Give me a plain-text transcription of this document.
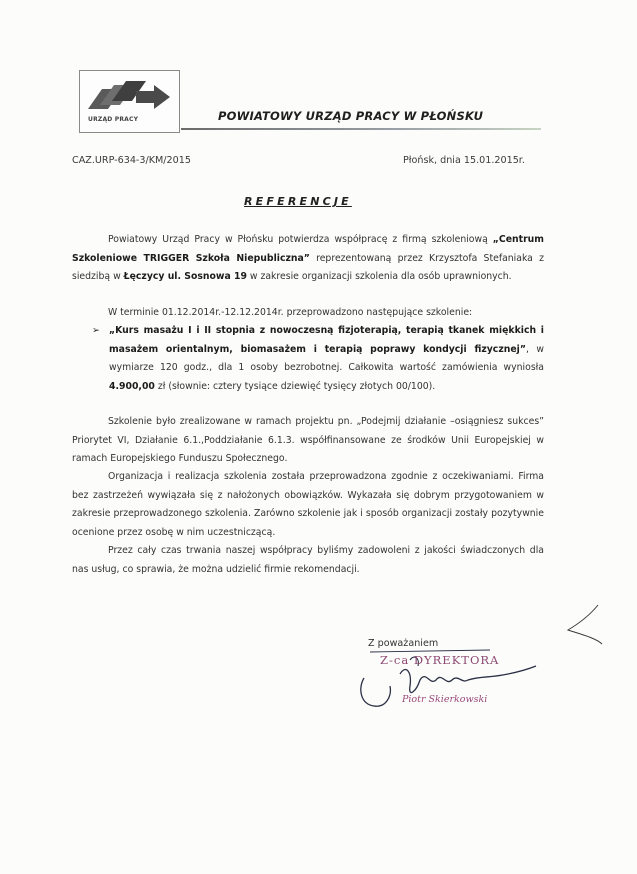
URZĄD PRACY	POWIATOWY URZĄD PRACY W PŁOŃSKU
CAZ.URP-634-3/KM/2015	Płońsk, dnia 15.01.2015r.
REFERENCJE
Powiatowy Urząd Pracy w Płońsku potwierdza współpracę z firmą szkoleniową „Centrum Szkoleniowe TRIGGER Szkoła Niepubliczna” reprezentowaną przez Krzysztofa Stefaniaka z siedzibą w Łęczycy ul. Sosnowa 19 w zakresie organizacji szkolenia dla osób uprawnionych.
W terminie 01.12.2014r.-12.12.2014r. przeprowadzono następujące szkolenie:
➢ „Kurs masażu I i II stopnia z nowoczesną fizjoterapią, terapią tkanek miękkich i masażem orientalnym, biomasażem i terapią poprawy kondycji fizycznej”, w wymiarze 120 godz., dla 1 osoby bezrobotnej. Całkowita wartość zamówienia wyniosła 4.900,00 zł (słownie: cztery tysiące dziewięć tysięcy złotych 00/100).
Szkolenie było zrealizowane w ramach projektu pn. „Podejmij działanie –osiągniesz sukces” Priorytet VI, Działanie 6.1.,Poddziałanie 6.1.3. współfinansowane ze środków Unii Europejskiej w ramach Europejskiego Funduszu Społecznego.
Organizacja i realizacja szkolenia została przeprowadzona zgodnie z oczekiwaniami. Firma bez zastrzeżeń wywiązała się z nałożonych obowiązków. Wykazała się dobrym przygotowaniem w zakresie przeprowadzonego szkolenia. Zarówno szkolenie jak i sposób organizacji zostały pozytywnie ocenione przez osobę w nim uczestniczącą.
Przez cały czas trwania naszej współpracy byliśmy zadowoleni z jakości świadczonych dla nas usług, co sprawia, że można udzielić firmie rekomendacji.
Z poważaniem
Z-ca DYREKTORA
Piotr Skierkowski
